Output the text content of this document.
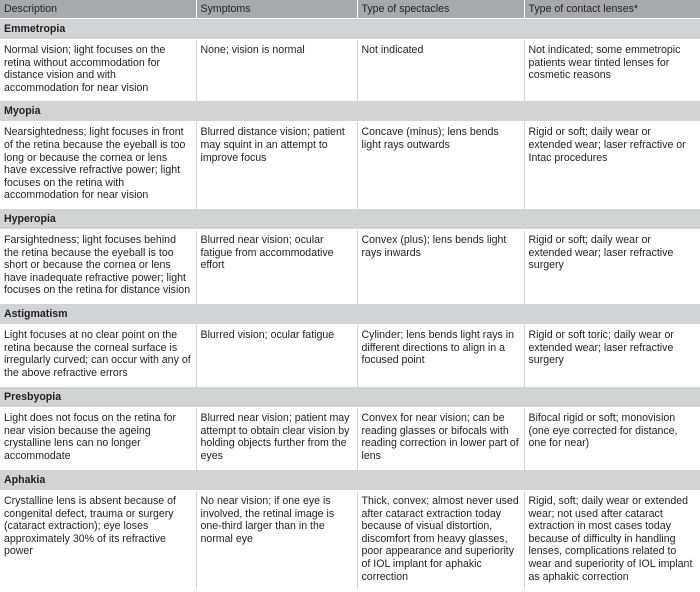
Description	Symptoms	Type of spectacles	Type of contact lenses*
Emmetropia			
Normal vision; light focuses on the retina without accommodation for distance vision and with accommodation for near vision	None; vision is normal	Not indicated	Not indicated; some emmetropic patients wear tinted lenses for cosmetic reasons
Myopia			
Nearsightedness; light focuses in front of the retina because the eyeball is too long or because the cornea or lens have excessive refractive power; light focuses on the retina with accommodation for near vision	Blurred distance vision; patient may squint in an attempt to improve focus	Concave (minus); lens bends light rays outwards	Rigid or soft; daily wear or extended wear; laser refractive or Intac procedures
Hyperopia			
Farsightedness; light focuses behind the retina because the eyeball is too short or because the cornea or lens have inadequate refractive power; light focuses on the retina for distance vision	Blurred near vision; ocular fatigue from accommodative effort	Convex (plus); lens bends light rays inwards	Rigid or soft; daily wear or extended wear; laser refractive surgery
Astigmatism			
Light focuses at no clear point on the retina because the corneal surface is irregularly curved; can occur with any of the above refractive errors	Blurred vision; ocular fatigue	Cylinder; lens bends light rays in different directions to align in a focused point	Rigid or soft toric; daily wear or extended wear; laser refractive surgery
Presbyopia			
Light does not focus on the retina for near vision because the ageing crystalline lens can no longer accommodate	Blurred near vision; patient may attempt to obtain clear vision by holding objects further from the eyes	Convex for near vision; can be reading glasses or bifocals with reading correction in lower part of lens	Bifocal rigid or soft; monovision (one eye corrected for distance, one for near)
Aphakia			
Crystalline lens is absent because of congenital defect, trauma or surgery (cataract extraction); eye loses approximately 30% of its refractive power	No near vision; if one eye is involved, the retinal image is one-third larger than in the normal eye	Thick, convex; almost never used after cataract extraction today because of visual distortion, discomfort from heavy glasses, poor appearance and superiority of IOL implant for aphakic correction	Rigid, soft; daily wear or extended wear; not used after cataract extraction in most cases today because of difficulty in handling lenses, complications related to wear and superiority of IOL implant as aphakic correction
